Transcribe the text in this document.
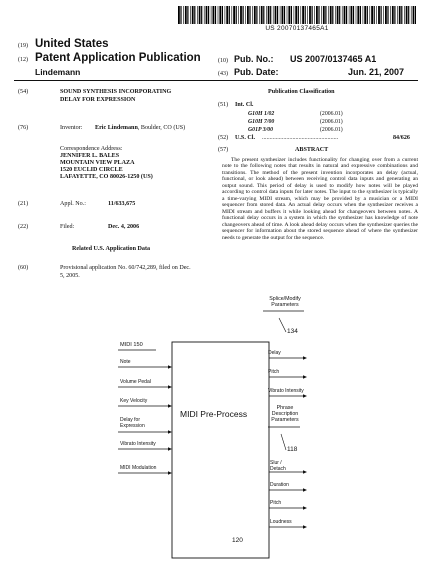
US 20070137465A1
(19) United States
(12) Patent Application Publication
Lindemann
(10) Pub. No.: US 2007/0137465 A1
(43) Pub. Date:	Jun. 21, 2007
(54)	SOUND SYNTHESIS INCORPORATING
DELAY FOR EXPRESSION
(76)	Inventor: Eric Lindemann, Boulder, CO (US)
Correspondence Address:
JENNIFER L. BALES
MOUNTAIN VIEW PLAZA
1520 EUCLID CIRCLE
LAFAYETTE, CO 80026-1250 (US)
(21)	Appl. No.:	11/633,675
(22)	Filed:	Dec. 4, 2006
Related U.S. Application Data
(60)	Provisional application No. 60/742,289, filed on Dec.
5, 2005.
Publication Classification
(51) Int. Cl.
G10H 1/02	(2006.01)
G10H 7/00	(2006.01)
G01P 3/00	(2006.01)
(52) U.S. Cl. ..................................................	84/626
(57)	ABSTRACT
The present synthesizer includes functionality for changing over from a current note to the following notes that results in natural and expressive combinations and transitions. The method of the present invention incorporates an delay (actual, functional, or look ahead) between receiving control data inputs and generating an output sound. This period of delay is used to modify how notes will be played according to control data inputs for later notes. The input to the synthesizer is typically a time-varying MIDI stream, which may be provided by a musician or a MIDI sequencer from stored data. An actual delay occurs when the synthesizer receives a MIDI stream and buffers it while looking ahead for changeovers between notes. A functional delay occurs in a system in which the synthesizer has knowledge of note changeovers ahead of time. A look ahead delay occurs when the synthesizer queries the sequencer for information about the stored sequence ahead of where the synthesizer needs to generate the output for the sequence.
MIDI Pre-Process
120
MIDI 150
Note
Volume Pedal
Key Velocity
Delay for
Expression
Vibrato Intensity
MIDI Modulation
Splice/Modify
Parameters
134
Delay
Pitch
Vibrato Intensity
Phrase
Description
Parameters
118
Slur /
Detach
Duration
Pitch
Loudness
